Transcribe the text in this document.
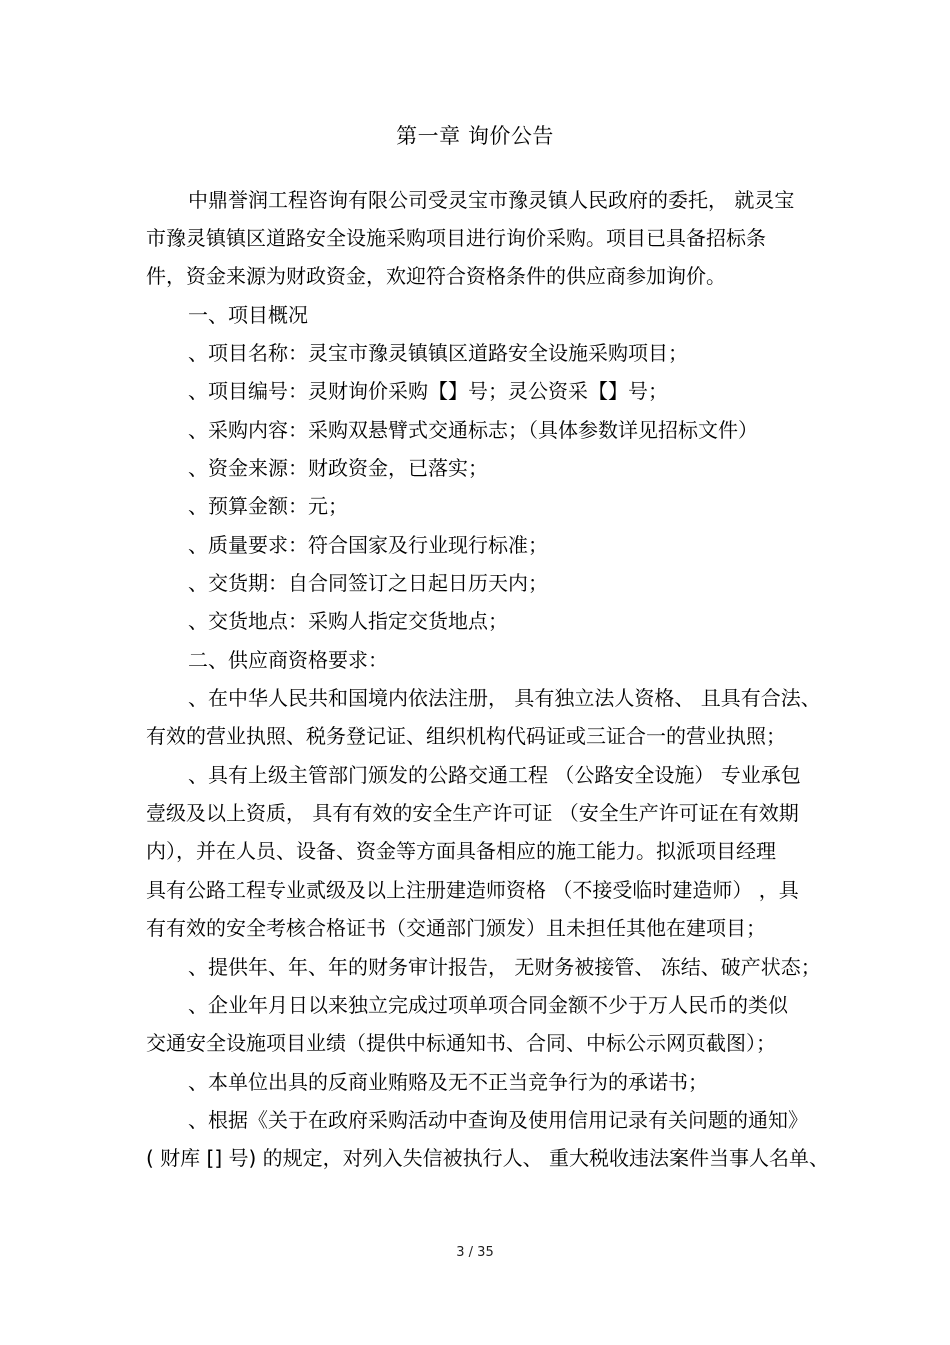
第一章 询价公告
中鼎誉润工程咨询有限公司受灵宝市豫灵镇人民政府的委托， 就灵宝
市豫灵镇镇区道路安全设施采购项目进行询价采购。项目已具备招标条
件，资金来源为财政资金，欢迎符合资格条件的供应商参加询价。
一、项目概况
、项目名称：灵宝市豫灵镇镇区道路安全设施采购项目；
、项目编号：灵财询价采购【】号；灵公资采【】号；
、采购内容：采购双悬臂式交通标志；（具体参数详见招标文件）
、资金来源：财政资金，已落实；
、预算金额：元；
、质量要求：符合国家及行业现行标准；
、交货期：自合同签订之日起日历天内；
、交货地点：采购人指定交货地点；
二、供应商资格要求：
、在中华人民共和国境内依法注册， 具有独立法人资格、 且具有合法、
有效的营业执照、税务登记证、组织机构代码证或三证合一的营业执照；
、具有上级主管部门颁发的公路交通工程 （公路安全设施） 专业承包
壹级及以上资质， 具有有效的安全生产许可证 （安全生产许可证在有效期
内），并在人员、设备、资金等方面具备相应的施工能力。拟派项目经理
具有公路工程专业贰级及以上注册建造师资格 （不接受临时建造师） ，具
有有效的安全考核合格证书（交通部门颁发）且未担任其他在建项目；
、提供年、年、年的财务审计报告， 无财务被接管、 冻结、破产状态；
、企业年月日以来独立完成过项单项合同金额不少于万人民币的类似
交通安全设施项目业绩（提供中标通知书、合同、中标公示网页截图）；
、本单位出具的反商业贿赂及无不正当竞争行为的承诺书；
、根据《关于在政府采购活动中查询及使用信用记录有关问题的通知》
( 财库 [] 号) 的规定，对列入失信被执行人、 重大税收违法案件当事人名单、
3 / 35
